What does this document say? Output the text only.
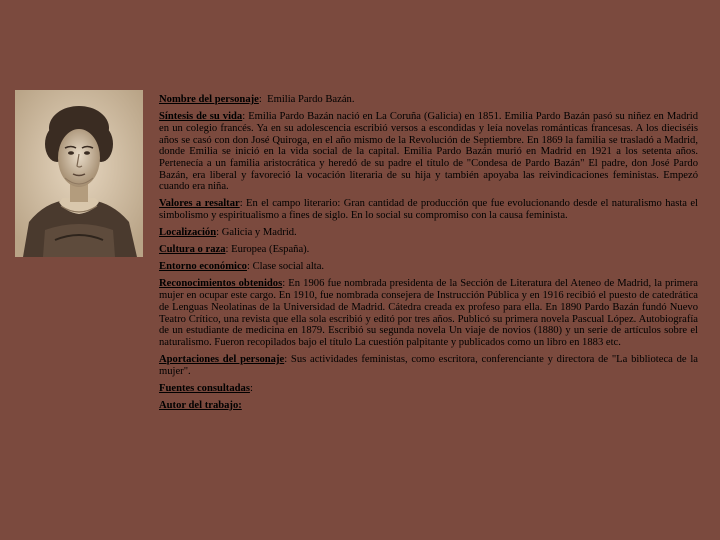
Nombre del personaje:  Emilia Pardo Bazán.

Síntesis de su vida: Emilia Pardo Bazán nació en La Coruña (Galicia) en 1851. Emilia Pardo Bazán pasó su niñez en Madrid en un colegio francés. Ya en su adolescencia escribió versos a escondidas y leía novelas románticas francesas. A los dieciséis años se casó con don José Quiroga, en el año mismo de la Revolución de Septiembre. En 1869 la familia se trasladó a Madrid, donde Emilia se inició en la vida social de la capital. Emilia Pardo Bazán murió en Madrid en 1921 a los setenta años. Pertenecía a un familia aristocrática y heredó de su padre el título de "Condesa de Pardo Bazán" El padre, don José Pardo Bazán, era liberal y favoreció la vocación literaria de su hija y también apoyaba las reivindicaciones feministas. Empezó cuando era niña.

Valores a resaltar: En el campo literario: Gran cantidad de producción que fue evolucionando desde el naturalismo hasta el simbolismo y espiritualismo a fines de siglo. En lo social su compromiso con la causa feminista.

Localización: Galicia y Madrid.

Cultura o raza: Europea (España).

Entorno económico: Clase social alta.

Reconocimientos obtenidos: En 1906 fue nombrada presidenta de la Sección de Literatura del Ateneo de Madrid, la primera mujer en ocupar este cargo. En 1910, fue nombrada consejera de Instrucción Pública y en 1916 recibió el puesto de catedrática de Lenguas Neolatinas de la Universidad de Madrid. Cátedra creada ex profeso para ella. En 1890 Pardo Bazán fundó Nuevo Teatro Crítico, una revista que ella sola escribió y editó por tres años. Publicó su primera novela Pascual López. Autobiografía de un estudiante de medicina en 1879. Escribió su segunda novela Un viaje de novios (1880) y un serie de artículos sobre el naturalismo. Fueron recopilados bajo el título La cuestión palpitante y publicados como un libro en 1883 etc.

Aportaciones del personaje: Sus actividades feministas, como escritora, conferenciante y directora de "La biblioteca de la mujer".

Fuentes consultadas:

Autor del trabajo:
